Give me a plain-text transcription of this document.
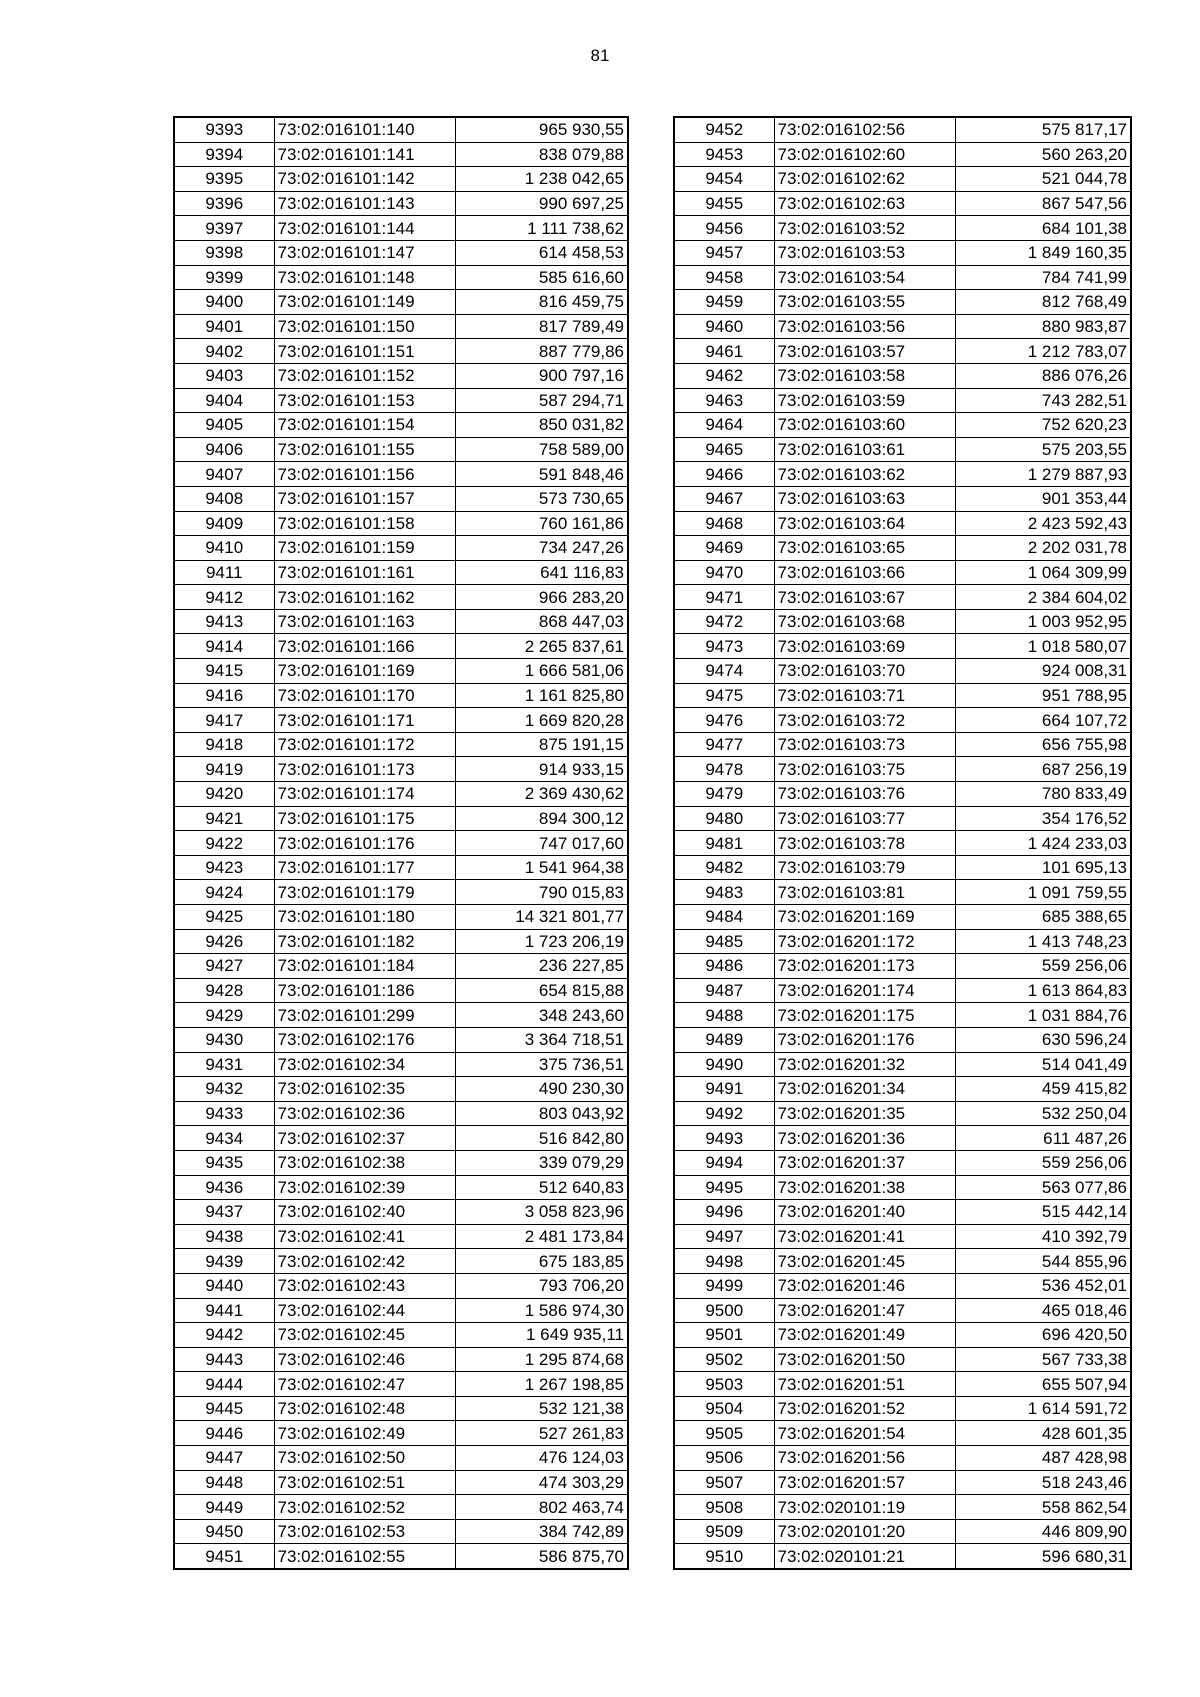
81
9393	73:02:016101:140	965 930,55
9394	73:02:016101:141	838 079,88
9395	73:02:016101:142	1 238 042,65
9396	73:02:016101:143	990 697,25
9397	73:02:016101:144	1 111 738,62
9398	73:02:016101:147	614 458,53
9399	73:02:016101:148	585 616,60
9400	73:02:016101:149	816 459,75
9401	73:02:016101:150	817 789,49
9402	73:02:016101:151	887 779,86
9403	73:02:016101:152	900 797,16
9404	73:02:016101:153	587 294,71
9405	73:02:016101:154	850 031,82
9406	73:02:016101:155	758 589,00
9407	73:02:016101:156	591 848,46
9408	73:02:016101:157	573 730,65
9409	73:02:016101:158	760 161,86
9410	73:02:016101:159	734 247,26
9411	73:02:016101:161	641 116,83
9412	73:02:016101:162	966 283,20
9413	73:02:016101:163	868 447,03
9414	73:02:016101:166	2 265 837,61
9415	73:02:016101:169	1 666 581,06
9416	73:02:016101:170	1 161 825,80
9417	73:02:016101:171	1 669 820,28
9418	73:02:016101:172	875 191,15
9419	73:02:016101:173	914 933,15
9420	73:02:016101:174	2 369 430,62
9421	73:02:016101:175	894 300,12
9422	73:02:016101:176	747 017,60
9423	73:02:016101:177	1 541 964,38
9424	73:02:016101:179	790 015,83
9425	73:02:016101:180	14 321 801,77
9426	73:02:016101:182	1 723 206,19
9427	73:02:016101:184	236 227,85
9428	73:02:016101:186	654 815,88
9429	73:02:016101:299	348 243,60
9430	73:02:016102:176	3 364 718,51
9431	73:02:016102:34	375 736,51
9432	73:02:016102:35	490 230,30
9433	73:02:016102:36	803 043,92
9434	73:02:016102:37	516 842,80
9435	73:02:016102:38	339 079,29
9436	73:02:016102:39	512 640,83
9437	73:02:016102:40	3 058 823,96
9438	73:02:016102:41	2 481 173,84
9439	73:02:016102:42	675 183,85
9440	73:02:016102:43	793 706,20
9441	73:02:016102:44	1 586 974,30
9442	73:02:016102:45	1 649 935,11
9443	73:02:016102:46	1 295 874,68
9444	73:02:016102:47	1 267 198,85
9445	73:02:016102:48	532 121,38
9446	73:02:016102:49	527 261,83
9447	73:02:016102:50	476 124,03
9448	73:02:016102:51	474 303,29
9449	73:02:016102:52	802 463,74
9450	73:02:016102:53	384 742,89
9451	73:02:016102:55	586 875,70
9452	73:02:016102:56	575 817,17
9453	73:02:016102:60	560 263,20
9454	73:02:016102:62	521 044,78
9455	73:02:016102:63	867 547,56
9456	73:02:016103:52	684 101,38
9457	73:02:016103:53	1 849 160,35
9458	73:02:016103:54	784 741,99
9459	73:02:016103:55	812 768,49
9460	73:02:016103:56	880 983,87
9461	73:02:016103:57	1 212 783,07
9462	73:02:016103:58	886 076,26
9463	73:02:016103:59	743 282,51
9464	73:02:016103:60	752 620,23
9465	73:02:016103:61	575 203,55
9466	73:02:016103:62	1 279 887,93
9467	73:02:016103:63	901 353,44
9468	73:02:016103:64	2 423 592,43
9469	73:02:016103:65	2 202 031,78
9470	73:02:016103:66	1 064 309,99
9471	73:02:016103:67	2 384 604,02
9472	73:02:016103:68	1 003 952,95
9473	73:02:016103:69	1 018 580,07
9474	73:02:016103:70	924 008,31
9475	73:02:016103:71	951 788,95
9476	73:02:016103:72	664 107,72
9477	73:02:016103:73	656 755,98
9478	73:02:016103:75	687 256,19
9479	73:02:016103:76	780 833,49
9480	73:02:016103:77	354 176,52
9481	73:02:016103:78	1 424 233,03
9482	73:02:016103:79	101 695,13
9483	73:02:016103:81	1 091 759,55
9484	73:02:016201:169	685 388,65
9485	73:02:016201:172	1 413 748,23
9486	73:02:016201:173	559 256,06
9487	73:02:016201:174	1 613 864,83
9488	73:02:016201:175	1 031 884,76
9489	73:02:016201:176	630 596,24
9490	73:02:016201:32	514 041,49
9491	73:02:016201:34	459 415,82
9492	73:02:016201:35	532 250,04
9493	73:02:016201:36	611 487,26
9494	73:02:016201:37	559 256,06
9495	73:02:016201:38	563 077,86
9496	73:02:016201:40	515 442,14
9497	73:02:016201:41	410 392,79
9498	73:02:016201:45	544 855,96
9499	73:02:016201:46	536 452,01
9500	73:02:016201:47	465 018,46
9501	73:02:016201:49	696 420,50
9502	73:02:016201:50	567 733,38
9503	73:02:016201:51	655 507,94
9504	73:02:016201:52	1 614 591,72
9505	73:02:016201:54	428 601,35
9506	73:02:016201:56	487 428,98
9507	73:02:016201:57	518 243,46
9508	73:02:020101:19	558 862,54
9509	73:02:020101:20	446 809,90
9510	73:02:020101:21	596 680,31
